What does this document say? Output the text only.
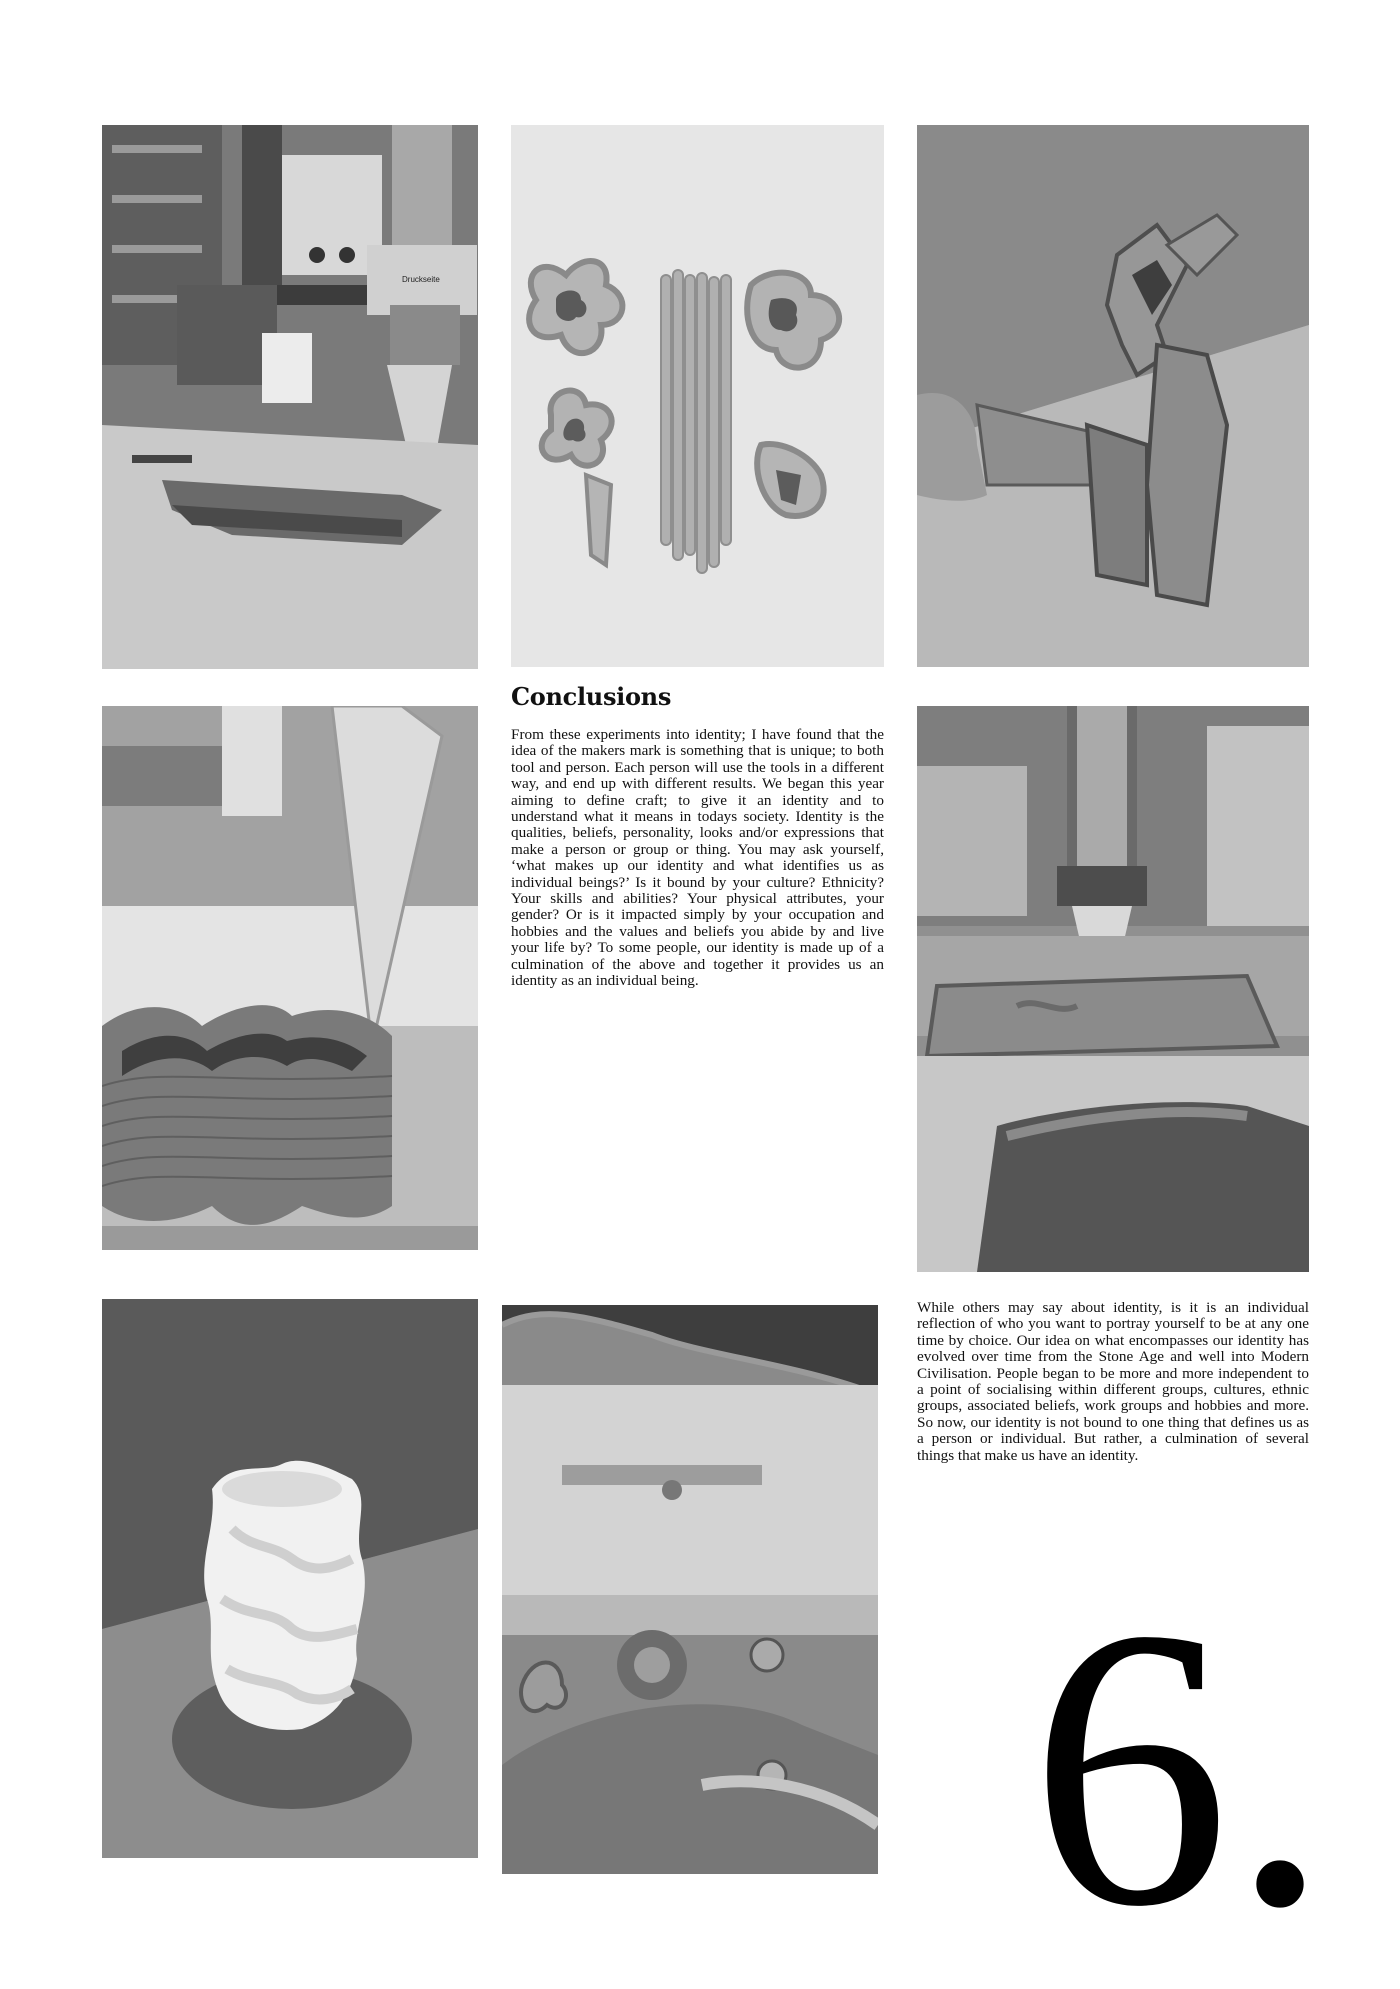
Druckseite
Conclusions

From these experiments into identity; I have found that the idea of the makers mark is something that is unique; to both tool and person. Each person will use the tools in a different way, and end up with different results. We began this year aiming to define craft; to give it an identity and to understand what it means in todays society. Identity is the qualities, beliefs, personality, looks and/or expressions that make a person or group or thing. You may ask yourself, ‘what makes up our identity and what identifies us as individual beings?’ Is it bound by your culture? Ethnicity? Your skills and abilities? Your physical attributes, your gender? Or is it impacted simply by your occupation and hobbies and the values and beliefs you abide by and live your life by? To some people, our identity is made up of a culmination of the above and together it provides us an identity as an individual being.

While others may say about identity, is it is an individual reflection of who you want to portray yourself to be at any one time by choice. Our idea on what encompasses our identity has evolved over time from the Stone Age and well into Modern Civilisation. People began to be more and more independent to a point of socialising within different groups, cultures, ethnic groups, associated beliefs, work groups and hobbies and more. So now, our identity is not bound to one thing that defines us as a person or individual. But rather, a culmination of several things that make us have an identity.

6.
